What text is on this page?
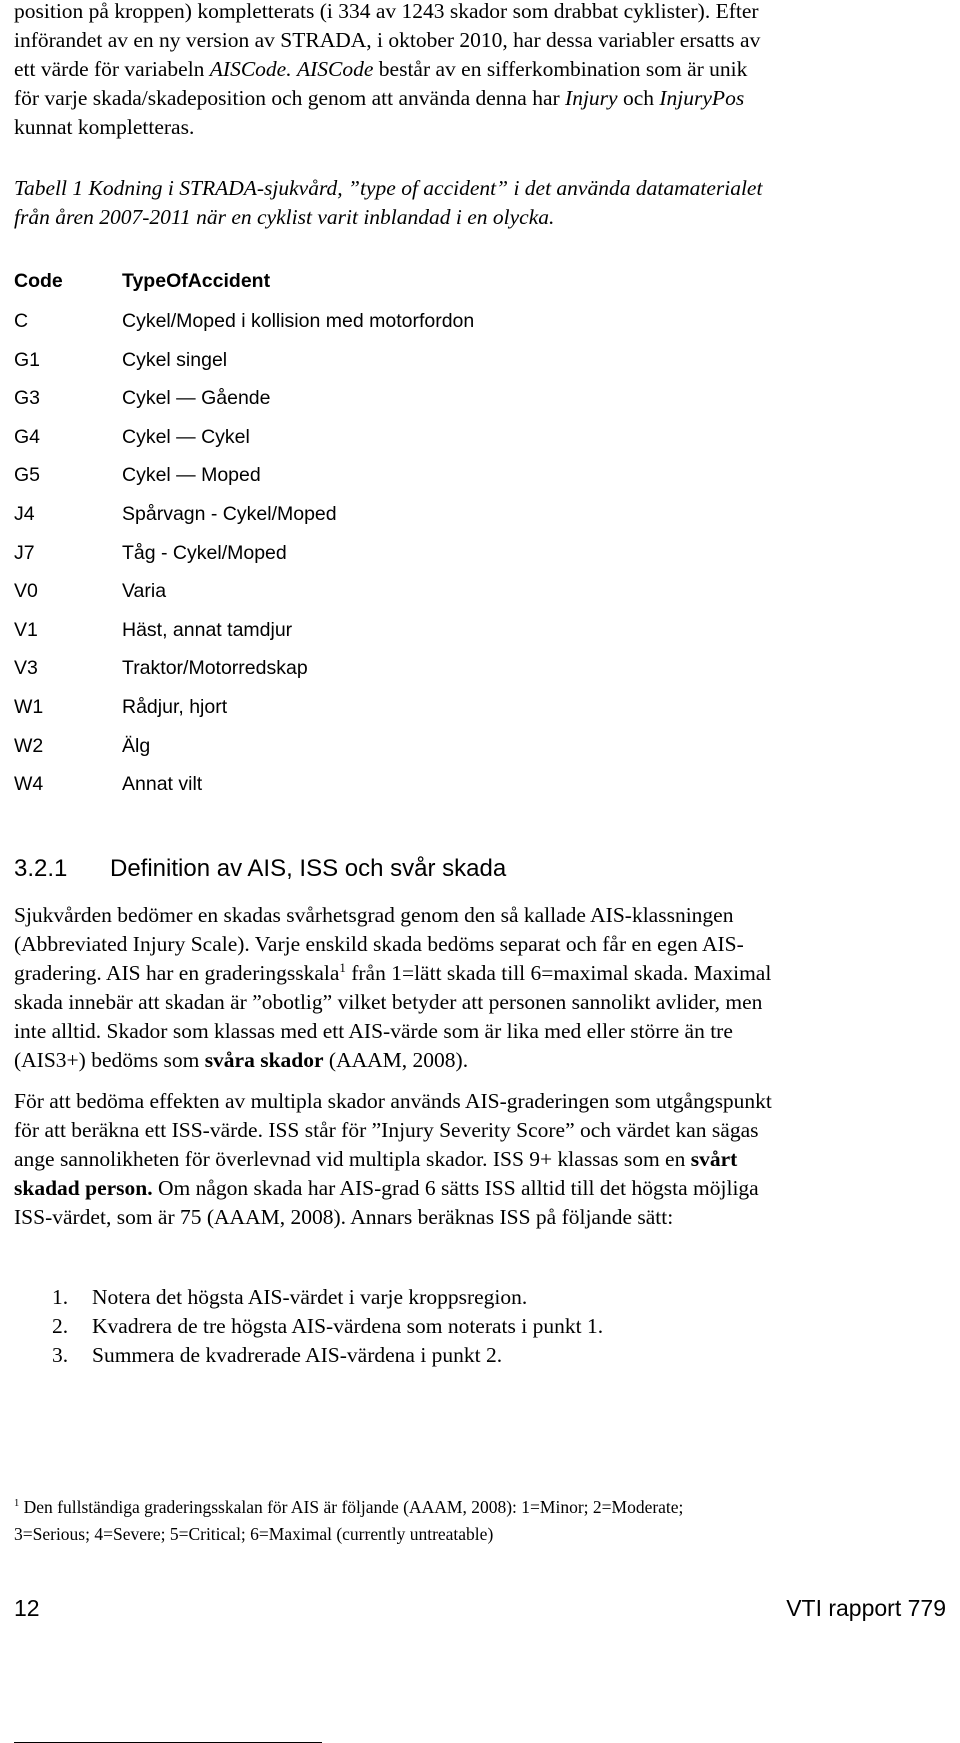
position på kroppen) kompletterats (i 334 av 1243 skador som drabbat cyklister). Efter
införandet av en ny version av STRADA, i oktober 2010, har dessa variabler ersatts av
ett värde för variabeln AISCode. AISCode består av en sifferkombination som är unik
för varje skada/skadeposition och genom att använda denna har Injury och InjuryPos
kunnat kompletteras.
Tabell 1 Kodning i STRADA-sjukvård, ”type of accident” i det använda datamaterialet
från åren 2007-2011 när en cyklist varit inblandad i en olycka.
Code	TypeOfAccident
C	Cykel/Moped i kollision med motorfordon
G1	Cykel singel
G3	Cykel — Gående
G4	Cykel — Cykel
G5	Cykel — Moped
J4	Spårvagn - Cykel/Moped
J7	Tåg - Cykel/Moped
V0	Varia
V1	Häst, annat tamdjur
V3	Traktor/Motorredskap
W1	Rådjur, hjort
W2	Älg
W4	Annat vilt
3.2.1 Definition av AIS, ISS och svår skada
Sjukvården bedömer en skadas svårhetsgrad genom den så kallade AIS-klassningen
(Abbreviated Injury Scale). Varje enskild skada bedöms separat och får en egen AIS-
gradering. AIS har en graderingsskala$^1$ från 1=lätt skada till 6=maximal skada. Maximal
skada innebär att skadan är ”obotlig” vilket betyder att personen sannolikt avlider, men
inte alltid. Skador som klassas med ett AIS-värde som är lika med eller större än tre
(AIS3+) bedöms som svåra skador (AAAM, 2008).
För att bedöma effekten av multipla skador används AIS-graderingen som utgångspunkt
för att beräkna ett ISS-värde. ISS står för ”Injury Severity Score” och värdet kan sägas
ange sannolikheten för överlevnad vid multipla skador. ISS 9+ klassas som en svårt
skadad person. Om någon skada har AIS-grad 6 sätts ISS alltid till det högsta möjliga
ISS-värdet, som är 75 (AAAM, 2008). Annars beräknas ISS på följande sätt:
1. Notera det högsta AIS-värdet i varje kroppsregion.
2. Kvadrera de tre högsta AIS-värdena som noterats i punkt 1.
3. Summera de kvadrerade AIS-värdena i punkt 2.
$^1$ Den fullständiga graderingsskalan för AIS är följande (AAAM, 2008): 1=Minor; 2=Moderate;
3=Serious; 4=Severe; 5=Critical; 6=Maximal (currently untreatable)
12	VTI rapport 779
